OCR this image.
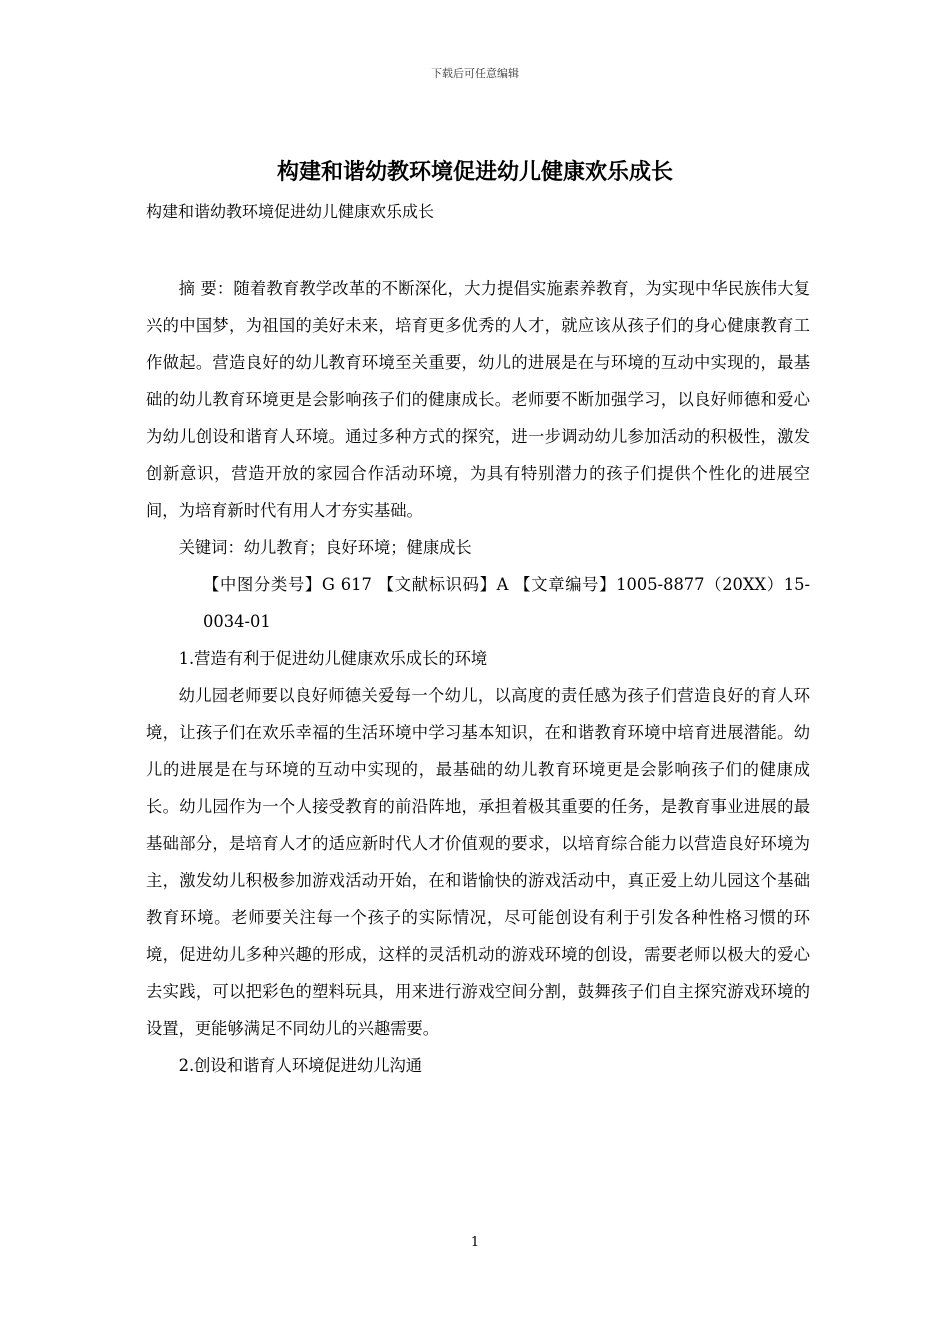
下载后可任意编辑
构建和谐幼教环境促进幼儿健康欢乐成长
构建和谐幼教环境促进幼儿健康欢乐成长

摘 要：随着教育教学改革的不断深化，大力提倡实施素养教育，为实现中华民族伟大复兴的中国梦，为祖国的美好未来，培育更多优秀的人才，就应该从孩子们的身心健康教育工作做起。营造良好的幼儿教育环境至关重要，幼儿的进展是在与环境的互动中实现的，最基础的幼儿教育环境更是会影响孩子们的健康成长。老师要不断加强学习，以良好师德和爱心为幼儿创设和谐育人环境。通过多种方式的探究，进一步调动幼儿参加活动的积极性，激发创新意识，营造开放的家园合作活动环境，为具有特别潜力的孩子们提供个性化的进展空间，为培育新时代有用人才夯实基础。

关键词：幼儿教育；良好环境；健康成长

【中图分类号】G 617 【文献标识码】A 【文章编号】1005-8877（20XX）15-0034-01

1.营造有利于促进幼儿健康欢乐成长的环境

幼儿园老师要以良好师德关爱每一个幼儿，以高度的责任感为孩子们营造良好的育人环境，让孩子们在欢乐幸福的生活环境中学习基本知识，在和谐教育环境中培育进展潜能。幼儿的进展是在与环境的互动中实现的，最基础的幼儿教育环境更是会影响孩子们的健康成长。幼儿园作为一个人接受教育的前沿阵地，承担着极其重要的任务，是教育事业进展的最基础部分，是培育人才的适应新时代人才价值观的要求，以培育综合能力以营造良好环境为主，激发幼儿积极参加游戏活动开始，在和谐愉快的游戏活动中，真正爱上幼儿园这个基础教育环境。老师要关注每一个孩子的实际情况，尽可能创设有利于引发各种性格习惯的环境，促进幼儿多种兴趣的形成，这样的灵活机动的游戏环境的创设，需要老师以极大的爱心去实践，可以把彩色的塑料玩具，用来进行游戏空间分割，鼓舞孩子们自主探究游戏环境的设置，更能够满足不同幼儿的兴趣需要。

2.创设和谐育人环境促进幼儿沟通

1
